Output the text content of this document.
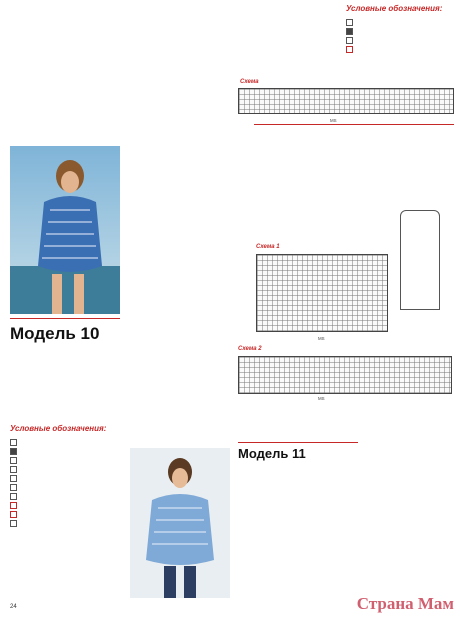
Условные обозначения:
Схема
MS

Схема 1
MS
Модель 10

Схема 2
MS
Условные обозначения:
Модель 11
Страна Мам
24
